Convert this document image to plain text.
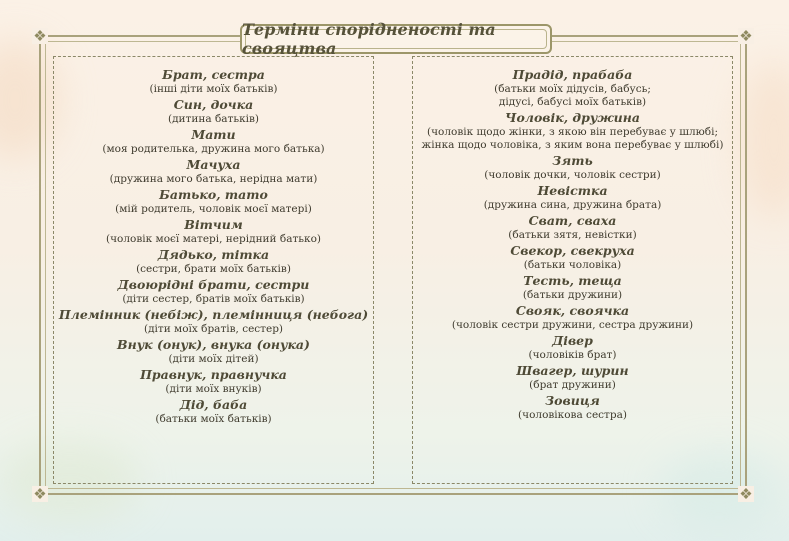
❖	❖
❖	❖
Терміни спорідненості та свояцтва
Брат, сестра
(інші діти моїх батьків)
Син, дочка
(дитина батьків)
Мати
(моя родителька, дружина мого батька)
Мачуха
(дружина мого батька, нерідна мати)
Батько, тато
(мій родитель, чоловік моєї матері)
Вітчим
(чоловік моєї матері, нерідний батько)
Дядько, тітка
(сестри, брати моїх батьків)
Двоюрідні брати, сестри
(діти сестер, братів моїх батьків)
Племінник (небіж), племінниця (небога)
(діти моїх братів, сестер)
Внук (онук), внука (онука)
(діти моїх дітей)
Правнук, правнучка
(діти моїх внуків)
Дід, баба
(батьки моїх батьків)
Прадід, прабаба
(батьки моїх дідусів, бабусь;
дідусі, бабусі моїх батьків)
Чоловік, дружина
(чоловік щодо жінки, з якою він перебуває у шлюбі;
жінка щодо чоловіка, з яким вона перебуває у шлюбі)
Зять
(чоловік дочки, чоловік сестри)
Невістка
(дружина сина, дружина брата)
Сват, сваха
(батьки зятя, невістки)
Свекор, свекруха
(батьки чоловіка)
Тесть, теща
(батьки дружини)
Свояк, своячка
(чоловік сестри дружини, сестра дружини)
Дівер
(чоловіків брат)
Швагер, шурин
(брат дружини)
Зовиця
(чоловікова сестра)
